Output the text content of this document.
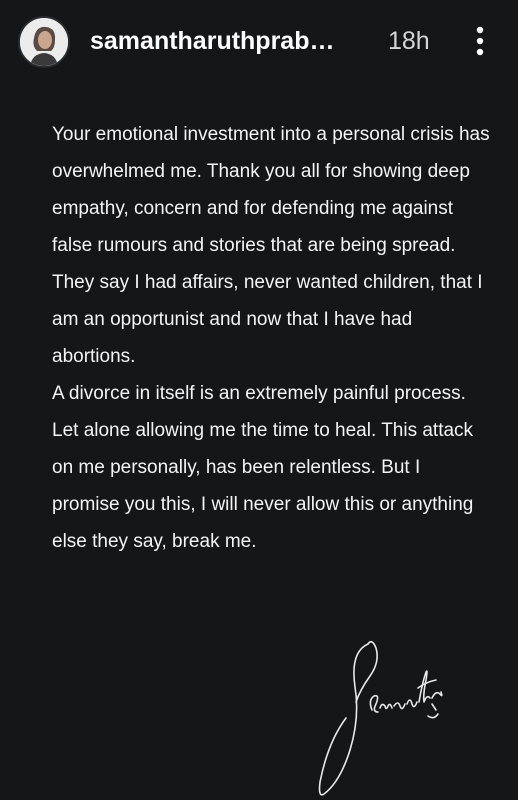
samantharuthprab…	18h

Your emotional investment into a personal crisis has overwhelmed me. Thank you all for showing deep empathy, concern and for defending me against false rumours and stories that are being spread. They say I had affairs, never wanted children, that I am an opportunist and now that I have had abortions.

A divorce in itself is an extremely painful process. Let alone allowing me the time to heal. This attack on me personally, has been relentless. But I promise you this, I will never allow this or anything else they say, break me.
